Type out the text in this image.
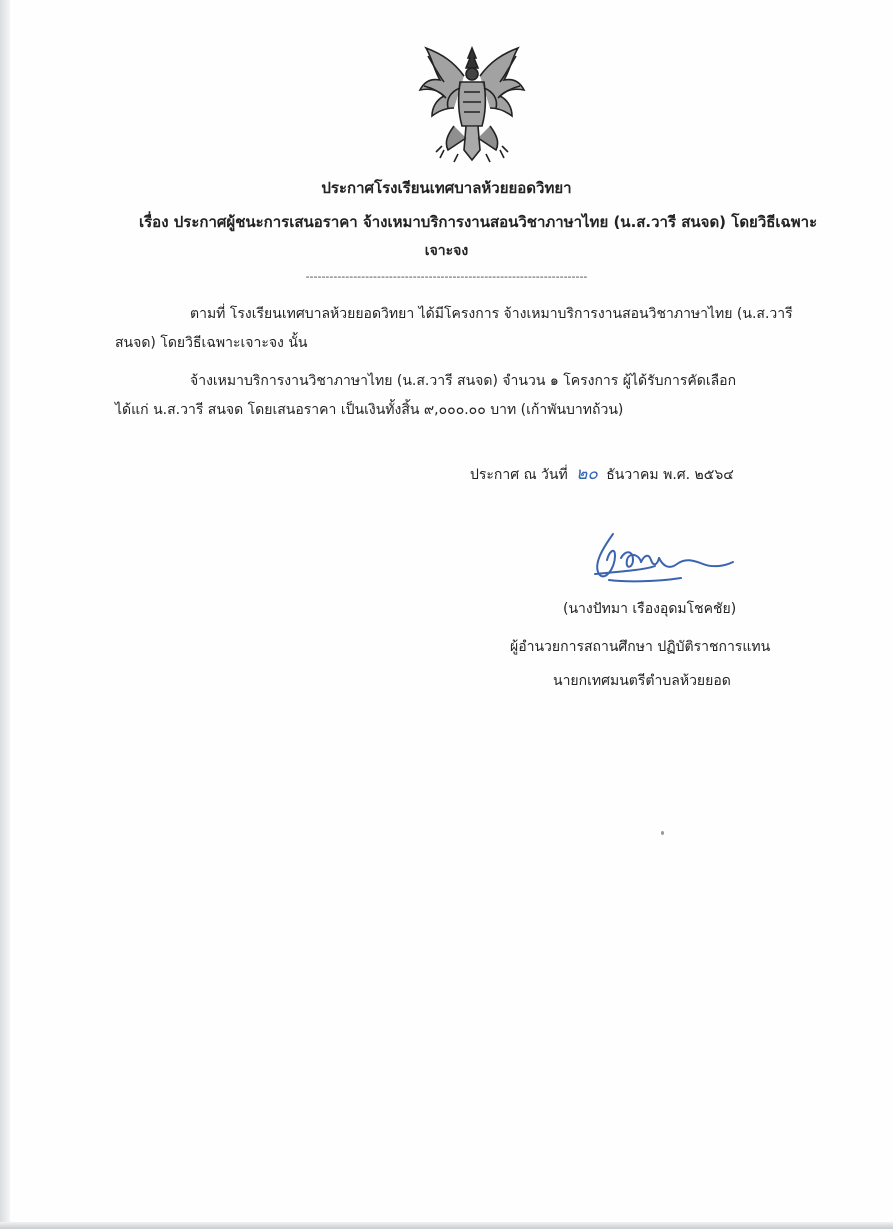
ประกาศโรงเรียนเทศบาลห้วยยอดวิทยา
เรื่อง ประกาศผู้ชนะการเสนอราคา จ้างเหมาบริการงานสอนวิชาภาษาไทย (น.ส.วารี สนจด) โดยวิธีเฉพาะ
เจาะจง
-----------------------------------------------------------------------
ตามที่ โรงเรียนเทศบาลห้วยยอดวิทยา ได้มีโครงการ จ้างเหมาบริการงานสอนวิชาภาษาไทย (น.ส.วารี
สนจด) โดยวิธีเฉพาะเจาะจง นั้น
จ้างเหมาบริการงานวิชาภาษาไทย (น.ส.วารี สนจด) จำนวน ๑ โครงการ ผู้ได้รับการคัดเลือก
ได้แก่ น.ส.วารี สนจด โดยเสนอราคา เป็นเงินทั้งสิ้น ๙,๐๐๐.๐๐ บาท (เก้าพันบาทถ้วน)
ประกาศ ณ วันที่ ๒๐ ธันวาคม พ.ศ. ๒๕๖๔
(นางปัทมา เรืองอุดมโชคชัย)
ผู้อำนวยการสถานศึกษา ปฏิบัติราชการแทน
นายกเทศมนตรีตำบลห้วยยอด
